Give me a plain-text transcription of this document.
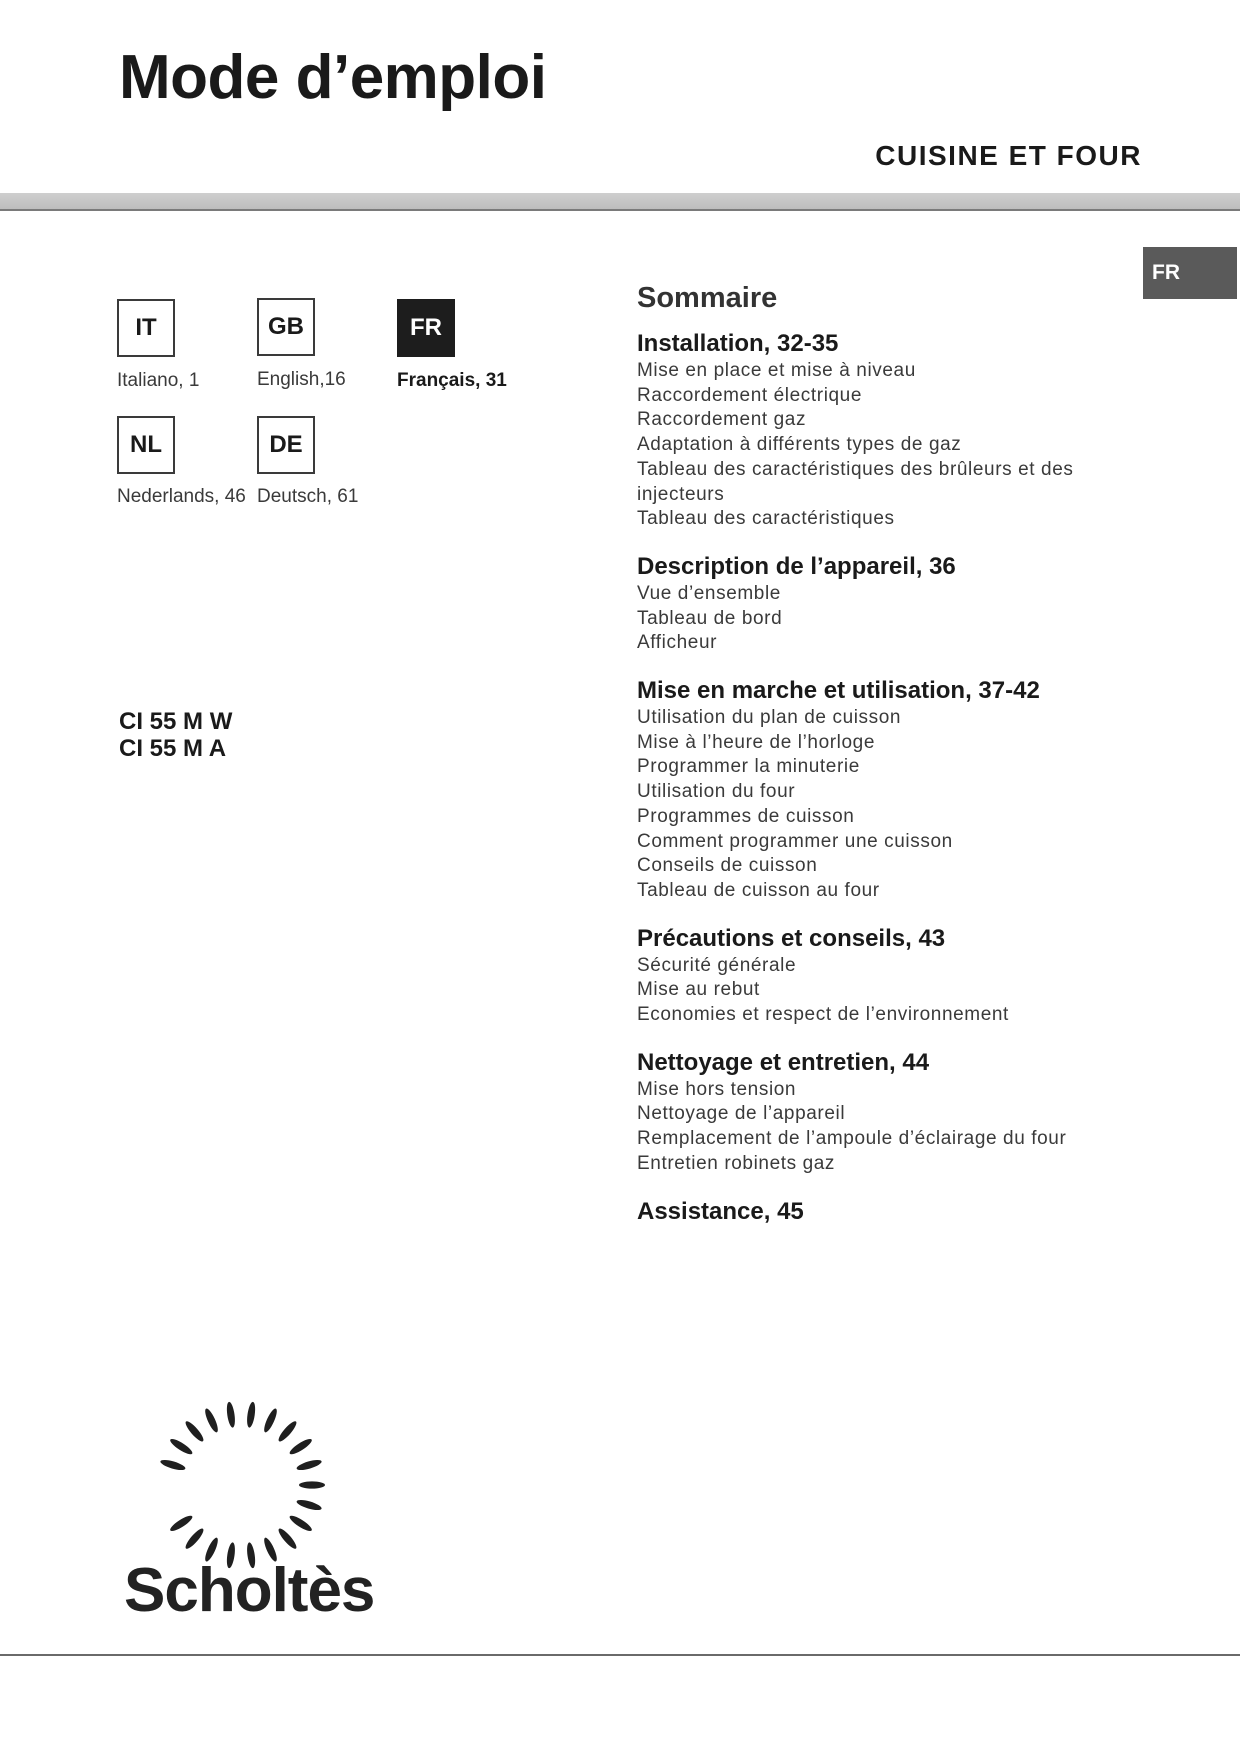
Mode d’emploi
CUISINE ET FOUR
FR
IT
Italiano, 1
GB
English,16
FR
Français, 31
NL
Nederlands, 46
DE
Deutsch, 61
CI 55 M W
CI 55 M A
Sommaire
Installation, 32-35
Mise en place et mise à niveau
Raccordement électrique
Raccordement gaz
Adaptation à différents types de gaz
Tableau des caractéristiques des brûleurs et des injecteurs
Tableau des caractéristiques
Description de l’appareil, 36
Vue d’ensemble
Tableau de bord
Afficheur
Mise en marche et utilisation, 37-42
Utilisation du plan de cuisson
Mise à l’heure de l’horloge
Programmer la minuterie
Utilisation du four
Programmes de cuisson
Comment programmer une cuisson
Conseils de cuisson
Tableau de cuisson au four
Précautions et conseils, 43
Sécurité générale
Mise au rebut
Economies et respect de l’environnement
Nettoyage et entretien, 44
Mise hors tension
Nettoyage de l’appareil
Remplacement de l’ampoule d’éclairage du four
Entretien robinets gaz
Assistance, 45
Scholtès
